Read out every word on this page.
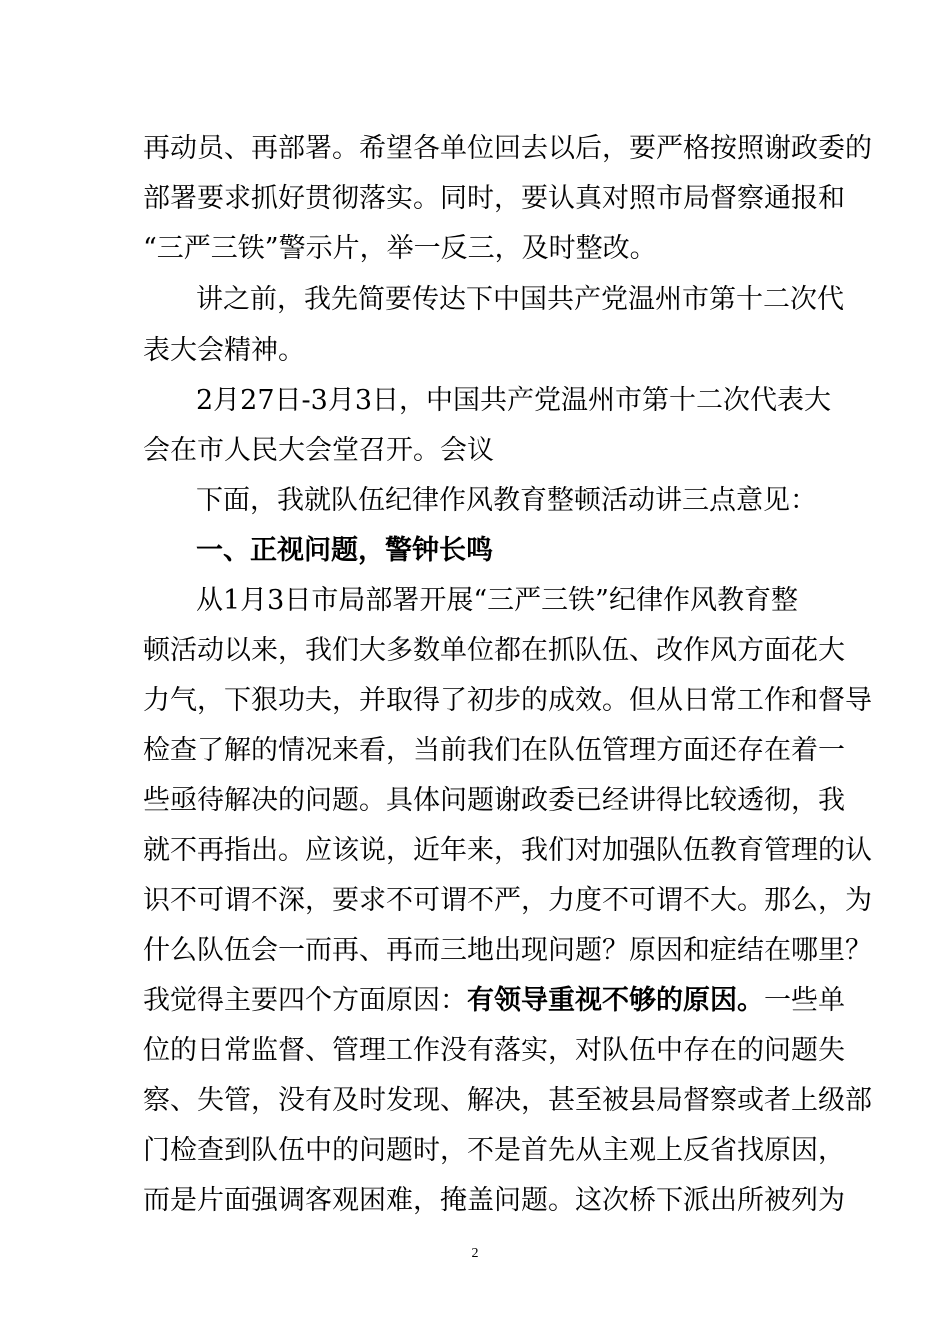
再动员、再部署。希望各单位回去以后，要严格按照谢政委的
部署要求抓好贯彻落实。同时，要认真对照市局督察通报和
“三严三铁”警示片，举一反三，及时整改。
讲之前，我先简要传达下中国共产党温州市第十二次代
表大会精神。
2月27日-3月3日，中国共产党温州市第十二次代表大
会在市人民大会堂召开。会议
下面，我就队伍纪律作风教育整顿活动讲三点意见：
一、正视问题，警钟长鸣
从1月3日市局部署开展“三严三铁”纪律作风教育整
顿活动以来，我们大多数单位都在抓队伍、改作风方面花大
力气，下狠功夫，并取得了初步的成效。但从日常工作和督导
检查了解的情况来看，当前我们在队伍管理方面还存在着一
些亟待解决的问题。具体问题谢政委已经讲得比较透彻，我
就不再指出。应该说，近年来，我们对加强队伍教育管理的认
识不可谓不深，要求不可谓不严，力度不可谓不大。那么，为
什么队伍会一而再、再而三地出现问题？原因和症结在哪里？
我觉得主要四个方面原因：有领导重视不够的原因。一些单
位的日常监督、管理工作没有落实，对队伍中存在的问题失
察、失管，没有及时发现、解决，甚至被县局督察或者上级部
门检查到队伍中的问题时，不是首先从主观上反省找原因，
而是片面强调客观困难，掩盖问题。这次桥下派出所被列为
2
